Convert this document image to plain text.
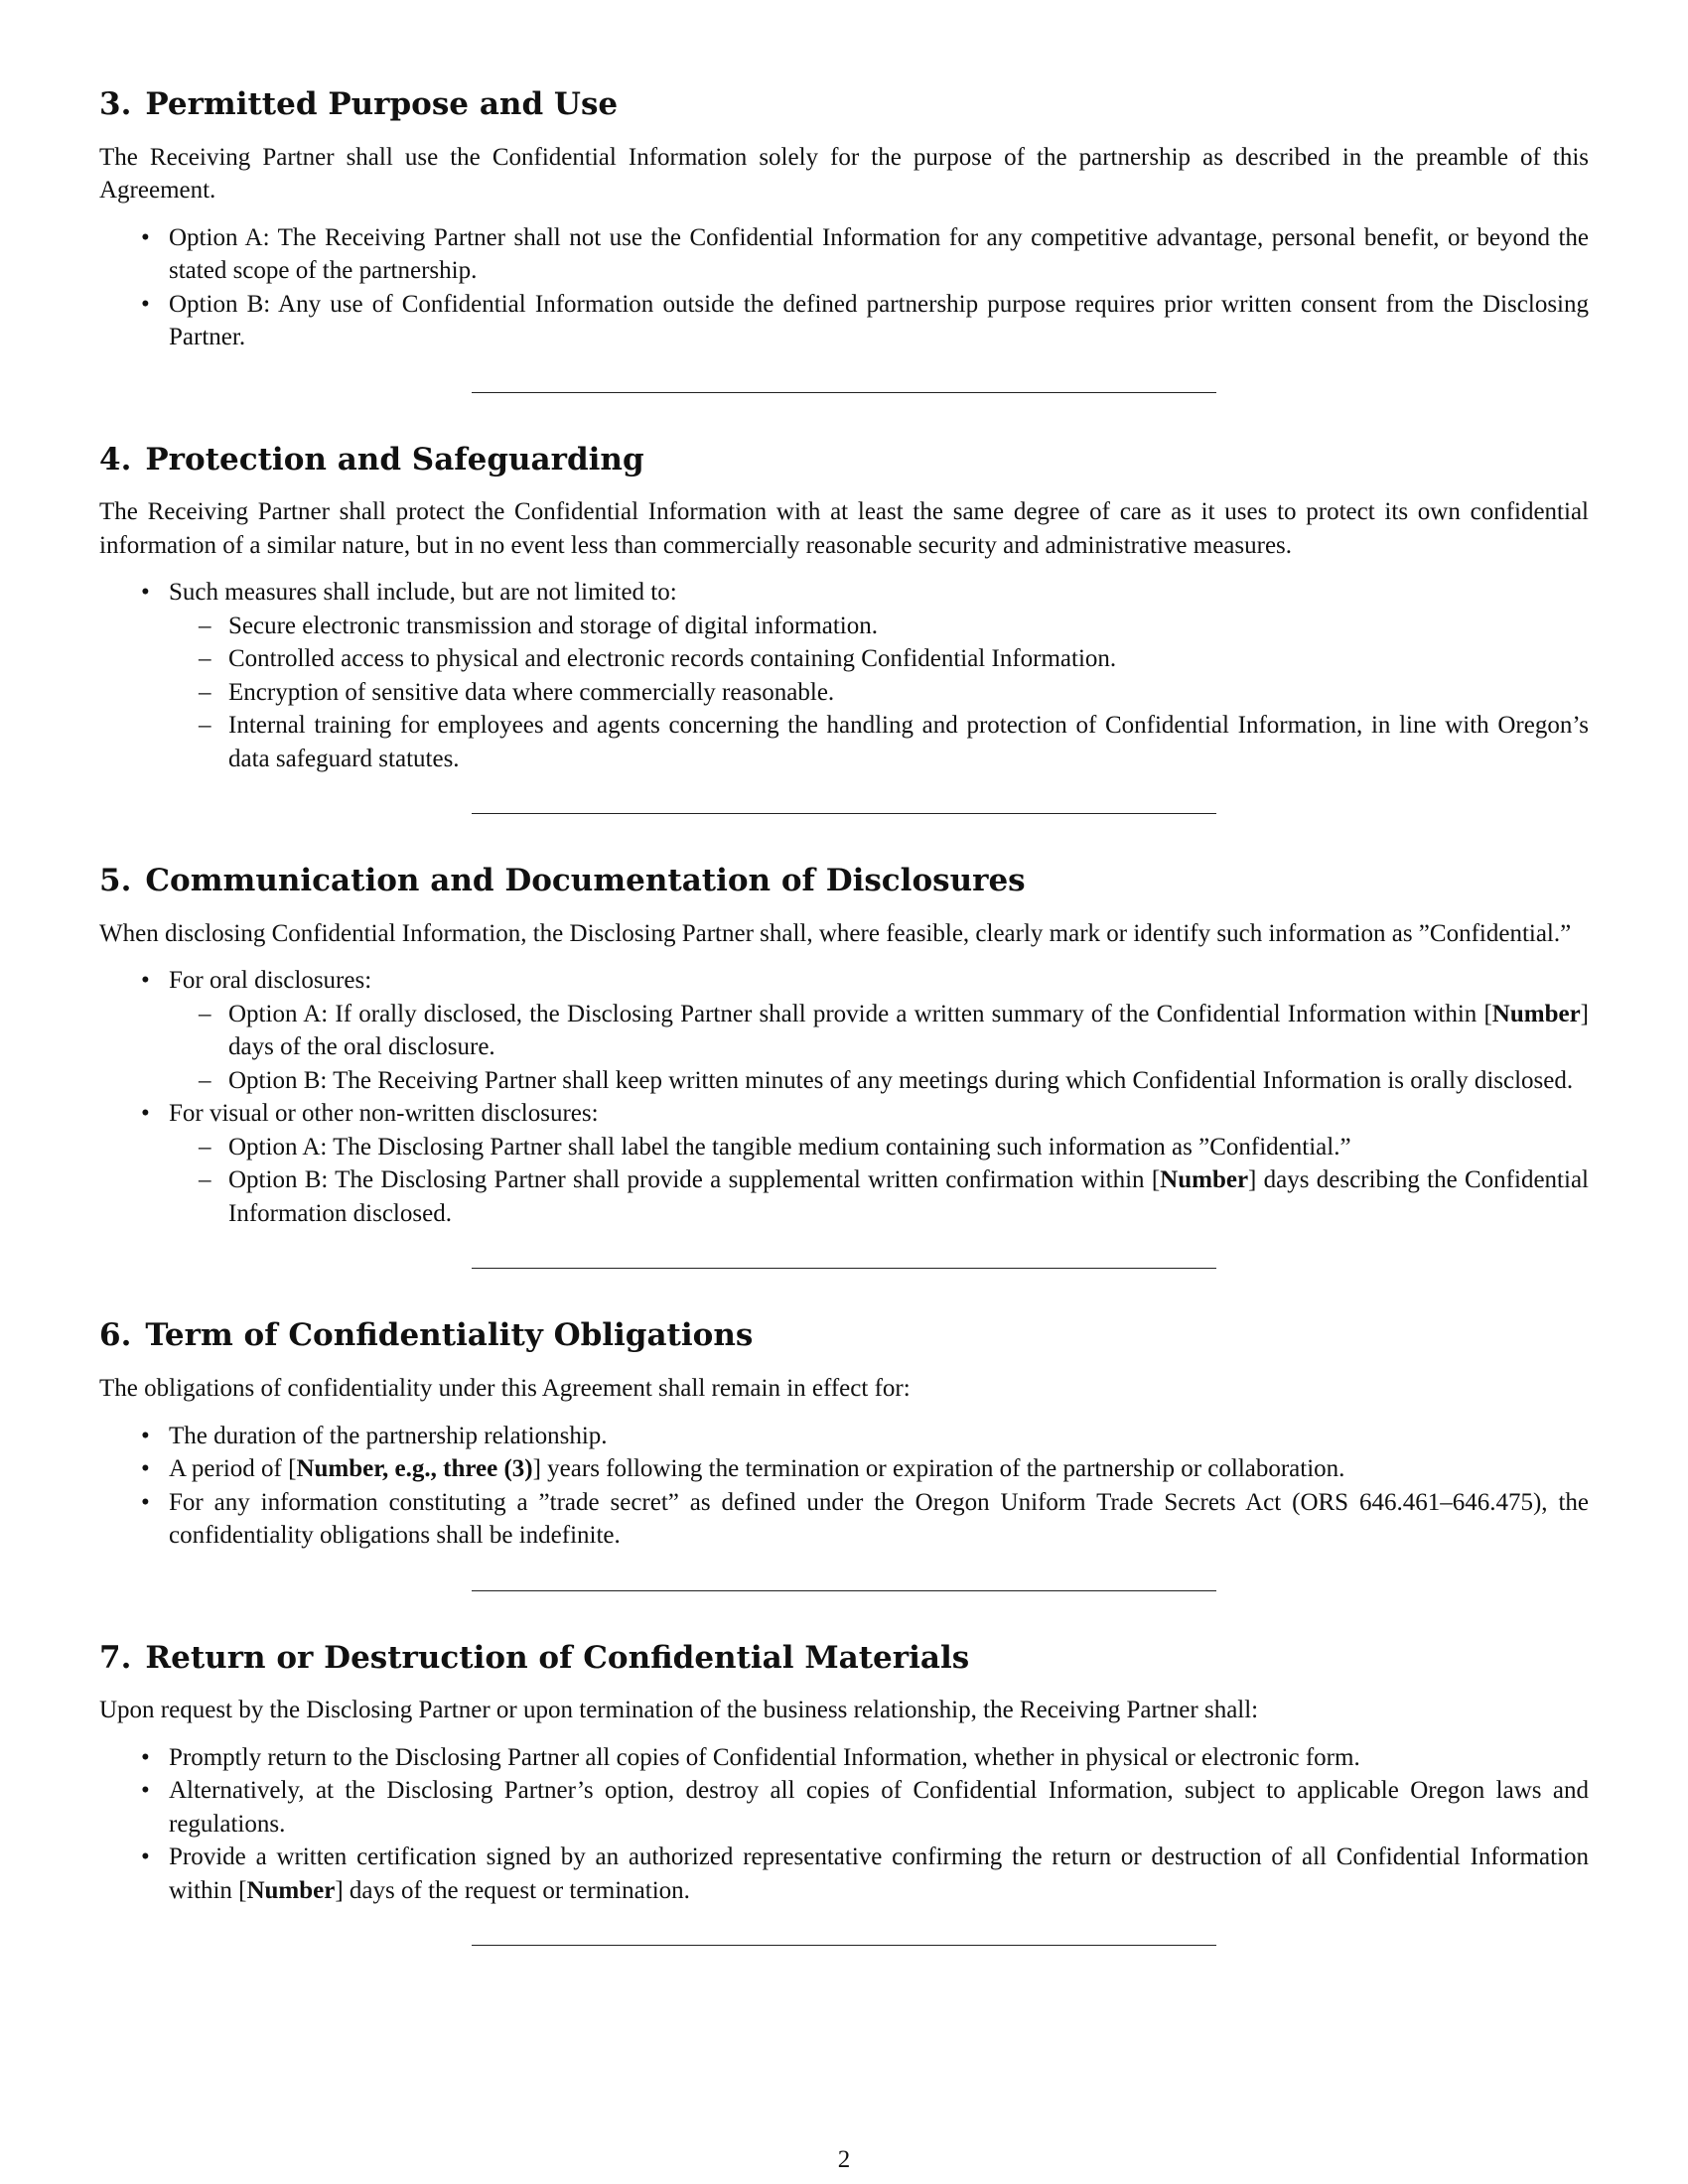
3. Permitted Purpose and Use

The Receiving Partner shall use the Confidential Information solely for the purpose of the partnership as described in the preamble of this Agreement.

• Option A: The Receiving Partner shall not use the Confidential Information for any competitive advantage, personal benefit, or beyond the stated scope of the partnership.
• Option B: Any use of Confidential Information outside the defined partnership purpose requires prior written consent from the Disclosing Partner.
4. Protection and Safeguarding

The Receiving Partner shall protect the Confidential Information with at least the same degree of care as it uses to protect its own confidential information of a similar nature, but in no event less than commercially reasonable security and administrative measures.

• Such measures shall include, but are not limited to:
– Secure electronic transmission and storage of digital information.
– Controlled access to physical and electronic records containing Confidential Information.
– Encryption of sensitive data where commercially reasonable.
– Internal training for employees and agents concerning the handling and protection of Confidential Information, in line with Oregon’s data safeguard statutes.
5. Communication and Documentation of Disclosures

When disclosing Confidential Information, the Disclosing Partner shall, where feasible, clearly mark or identify such information as ”Confidential.”

• For oral disclosures:
– Option A: If orally disclosed, the Disclosing Partner shall provide a written summary of the Confidential Information within [Number] days of the oral disclosure.
– Option B: The Receiving Partner shall keep written minutes of any meetings during which Confidential Information is orally disclosed.
• For visual or other non-written disclosures:
– Option A: The Disclosing Partner shall label the tangible medium containing such information as ”Confidential.”
– Option B: The Disclosing Partner shall provide a supplemental written confirmation within [Number] days describing the Confidential Information disclosed.
6. Term of Confidentiality Obligations

The obligations of confidentiality under this Agreement shall remain in effect for:

• The duration of the partnership relationship.
• A period of [Number, e.g., three (3)] years following the termination or expiration of the partnership or collaboration.
• For any information constituting a ”trade secret” as defined under the Oregon Uniform Trade Secrets Act (ORS 646.461–646.475), the confidentiality obligations shall be indefinite.
7. Return or Destruction of Confidential Materials

Upon request by the Disclosing Partner or upon termination of the business relationship, the Receiving Partner shall:

• Promptly return to the Disclosing Partner all copies of Confidential Information, whether in physical or electronic form.
• Alternatively, at the Disclosing Partner’s option, destroy all copies of Confidential Information, subject to applicable Oregon laws and regulations.
• Provide a written certification signed by an authorized representative confirming the return or destruction of all Confidential Information within [Number] days of the request or termination.
2
